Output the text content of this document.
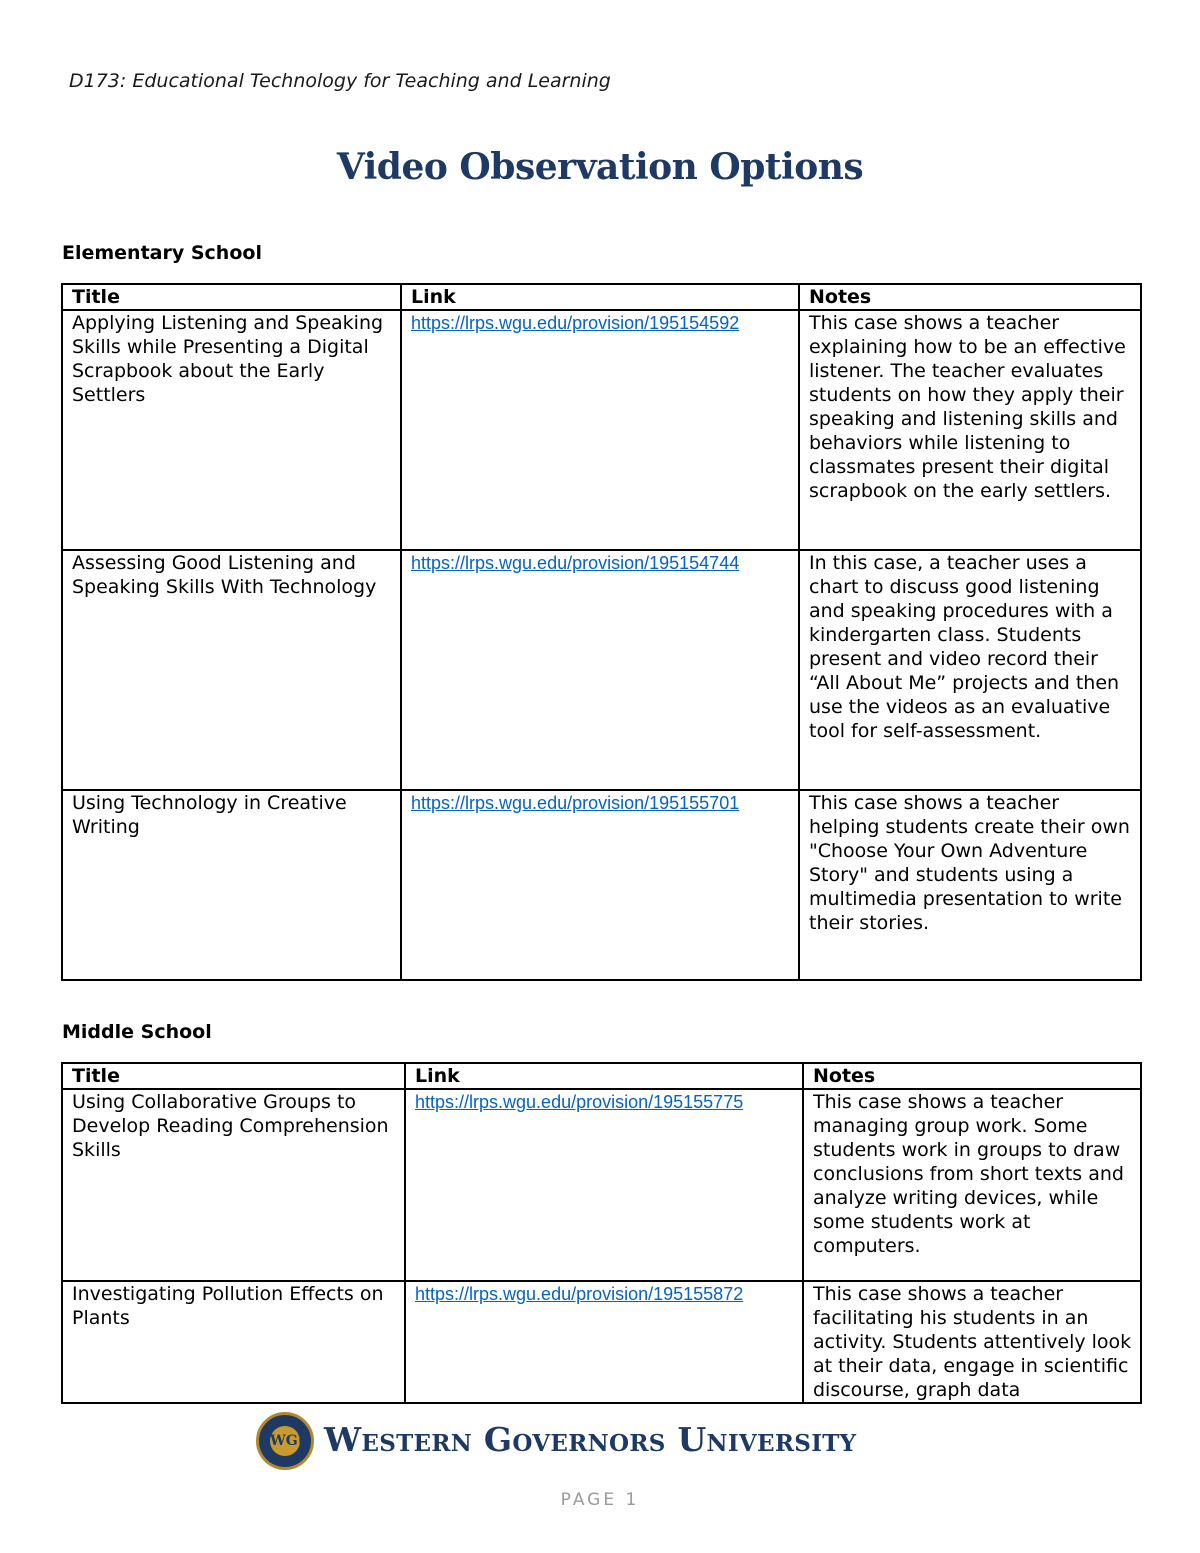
D173: Educational Technology for Teaching and Learning
Video Observation Options
Elementary School
Title	Link	Notes
Applying Listening and Speaking Skills while Presenting a Digital Scrapbook about the Early Settlers	https://lrps.wgu.edu/provision/195154592	This case shows a teacher explaining how to be an effective listener. The teacher evaluates students on how they apply their speaking and listening skills and behaviors while listening to classmates present their digital scrapbook on the early settlers.
Assessing Good Listening and Speaking Skills With Technology	https://lrps.wgu.edu/provision/195154744	In this case, a teacher uses a chart to discuss good listening and speaking procedures with a kindergarten class. Students present and video record their “All About Me” projects and then use the videos as an evaluative tool for self-assessment.
Using Technology in Creative Writing	https://lrps.wgu.edu/provision/195155701	This case shows a teacher helping students create their own "Choose Your Own Adventure Story" and students using a multimedia presentation to write their stories.
Middle School
Title	Link	Notes
Using Collaborative Groups to Develop Reading Comprehension Skills	https://lrps.wgu.edu/provision/195155775	This case shows a teacher managing group work. Some students work in groups to draw conclusions from short texts and analyze writing devices, while some students work at computers.
Investigating Pollution Effects on Plants	https://lrps.wgu.edu/provision/195155872	This case shows a teacher facilitating his students in an activity. Students attentively look at their data, engage in scientific discourse, graph data
WGU Western Governors University
PAGE 1
